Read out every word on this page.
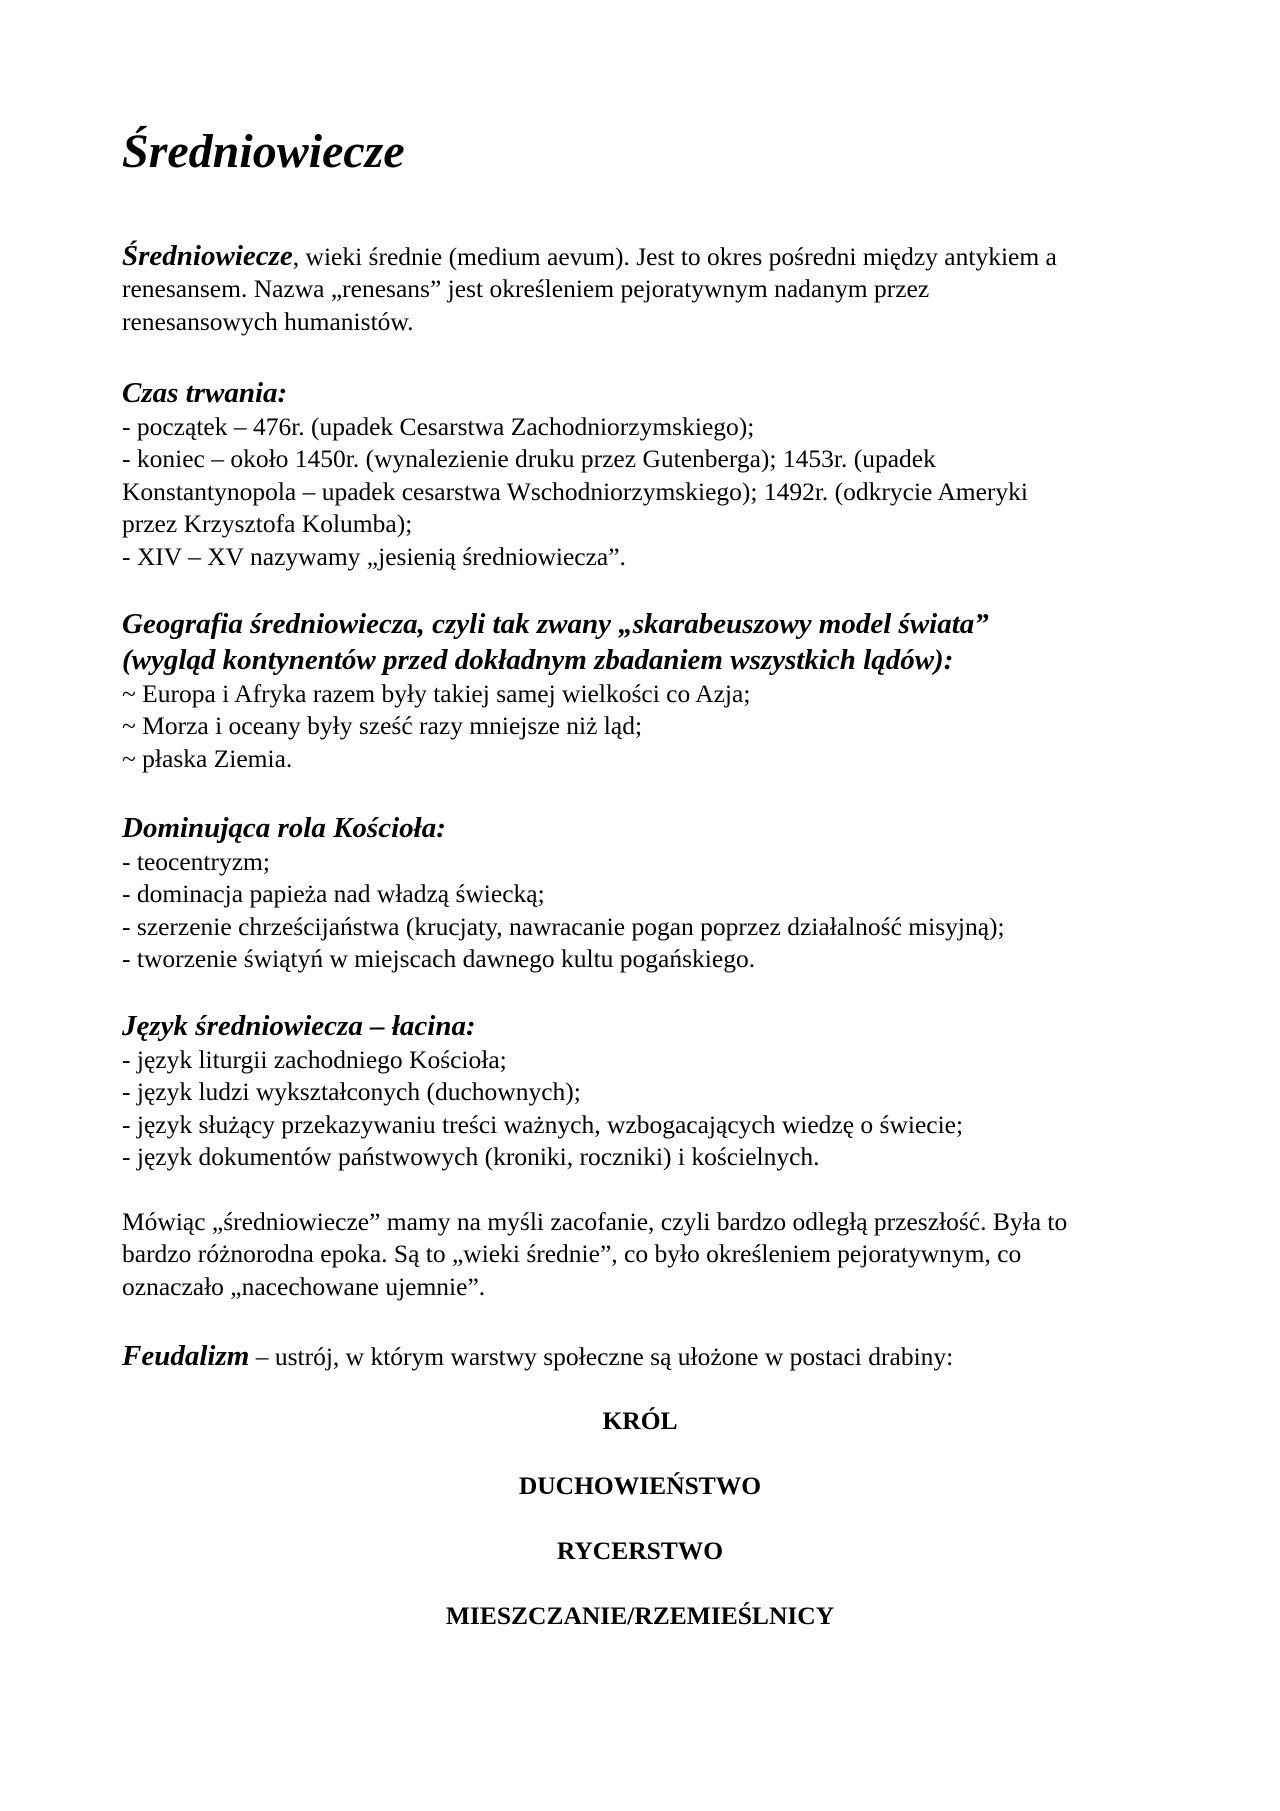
Średniowiecze
Średniowiecze, wieki średnie (medium aevum). Jest to okres pośredni między antykiem a
renesansem. Nazwa „renesans” jest określeniem pejoratywnym nadanym przez
renesansowych humanistów.
Czas trwania:
- początek – 476r. (upadek Cesarstwa Zachodniorzymskiego);
- koniec – około 1450r. (wynalezienie druku przez Gutenberga); 1453r. (upadek
Konstantynopola – upadek cesarstwa Wschodniorzymskiego); 1492r. (odkrycie Ameryki
przez Krzysztofa Kolumba);
- XIV – XV nazywamy „jesienią średniowiecza”.
Geografia średniowiecza, czyli tak zwany „skarabeuszowy model świata”
(wygląd kontynentów przed dokładnym zbadaniem wszystkich lądów):
~ Europa i Afryka razem były takiej samej wielkości co Azja;
~ Morza i oceany były sześć razy mniejsze niż ląd;
~ płaska Ziemia.
Dominująca rola Kościoła:
- teocentryzm;
- dominacja papieża nad władzą świecką;
- szerzenie chrześcijaństwa (krucjaty, nawracanie pogan poprzez działalność misyjną);
- tworzenie świątyń w miejscach dawnego kultu pogańskiego.
Język średniowiecza – łacina:
- język liturgii zachodniego Kościoła;
- język ludzi wykształconych (duchownych);
- język służący przekazywaniu treści ważnych, wzbogacających wiedzę o świecie;
- język dokumentów państwowych (kroniki, roczniki) i kościelnych.
Mówiąc „średniowiecze” mamy na myśli zacofanie, czyli bardzo odległą przeszłość. Była to
bardzo różnorodna epoka. Są to „wieki średnie”, co było określeniem pejoratywnym, co
oznaczało „nacechowane ujemnie”.
Feudalizm – ustrój, w którym warstwy społeczne są ułożone w postaci drabiny:
KRÓL
DUCHOWIEŃSTWO
RYCERSTWO
MIESZCZANIE/RZEMIEŚLNICY
